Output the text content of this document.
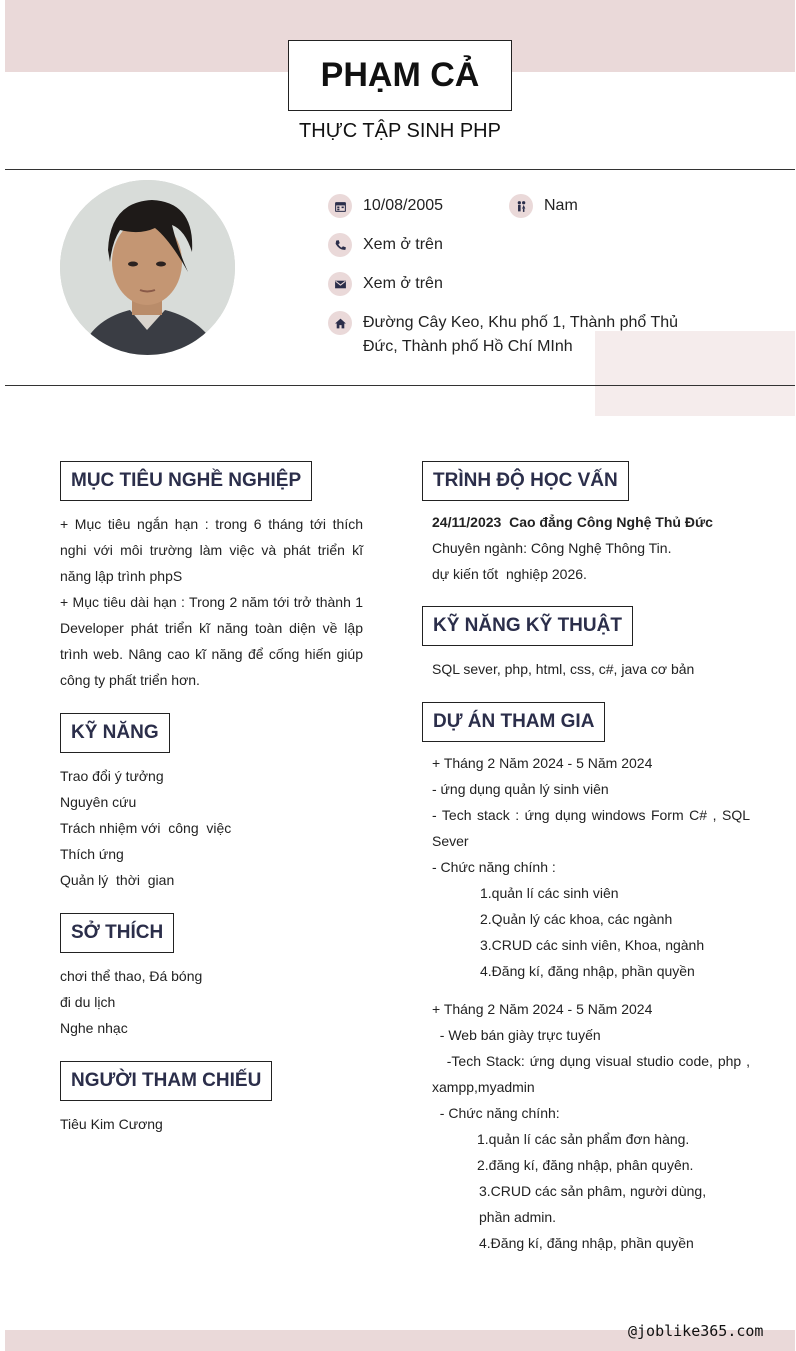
PHẠM CẢ
THỰC TẬP SINH PHP
10/08/2005	Nam
Xem ở trên
Xem ở trên
Đường Cây Keo, Khu phố 1, Thành phổ Thủ
Đức, Thành phố Hồ Chí MInh
MỤC TIÊU NGHỀ NGHIỆP
+ Mục tiêu ngắn hạn : trong 6 tháng tới thích nghi với môi trường làm việc và phát triển kĩ năng lập trình phpS
+ Mục tiêu dài hạn : Trong 2 năm tới trở thành 1 Developer phát triển kĩ năng toàn diện về lập trình web. Nâng cao kĩ năng để cống hiến giúp công ty phất triển hơn.
KỸ NĂNG
Trao đổi ý tưởng
Nguyên cứu
Trách nhiệm với  công  việc
Thích ứng
Quản lý  thời  gian
SỞ THÍCH
chơi thể thao, Đá bóng
đi du lịch
Nghe nhạc
NGƯỜI THAM CHIẾU
Tiêu Kim Cương
TRÌNH ĐỘ HỌC VẤN
24/11/2023 Cao đẳng Công Nghệ Thủ Đức
Chuyên ngành: Công Nghệ Thông Tin.
dự kiến tốt  nghiệp 2026.
KỸ NĂNG KỸ THUẬT
SQL sever, php, html, css, c#, java cơ bản
DỰ ÁN THAM GIA
+ Tháng 2 Năm 2024 - 5 Năm 2024
- ứng dụng quản lý sinh viên
- Tech stack : ứng dụng windows Form C# , SQL Sever
- Chức năng chính :
1.quản lí các sinh viên
2.Quản lý các khoa, các ngành
3.CRUD các sinh viên, Khoa, ngành
4.Đăng kí, đăng nhập, phần quyền
+ Tháng 2 Năm 2024 - 5 Năm 2024
- Web bán giày trực tuyến
-Tech Stack: ứng dụng visual studio code, php , xampp,myadmin
- Chức năng chính:
1.quản lí các sản phẩm đơn hàng.
2.đăng kí, đăng nhập, phân quyên.
3.CRUD các sản phâm, người dùng, phần admin.
4.Đăng kí, đăng nhập, phần quyền
@joblike365.com
